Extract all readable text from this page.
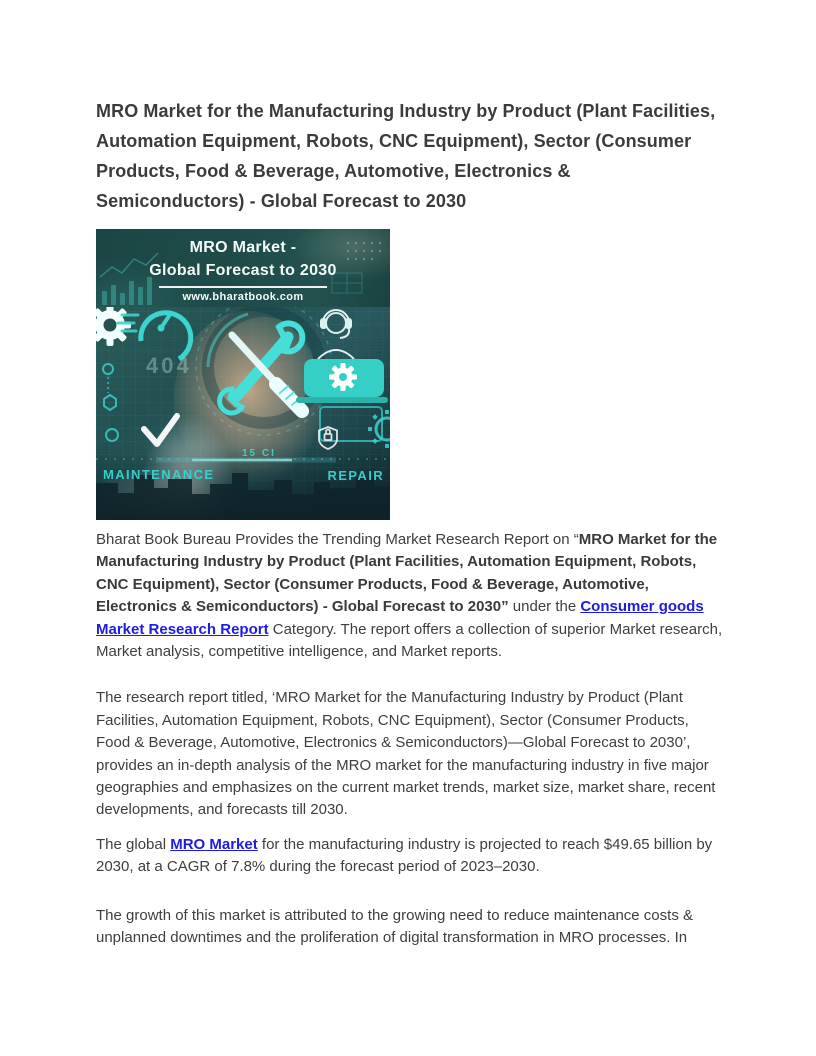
MRO Market for the Manufacturing Industry by Product (Plant Facilities, Automation Equipment, Robots, CNC Equipment), Sector (Consumer Products, Food & Beverage, Automotive, Electronics & Semiconductors) - Global Forecast to 2030
MRO Market -
Global Forecast to 2030
www.bharatbook.com
404
MAINTENANCE	REPAIR

Bharat Book Bureau Provides the Trending Market Research Report on “MRO Market for the Manufacturing Industry by Product (Plant Facilities, Automation Equipment, Robots, CNC Equipment), Sector (Consumer Products, Food & Beverage, Automotive, Electronics & Semiconductors) - Global Forecast to 2030” under the Consumer goods Market Research Report Category. The report offers a collection of superior Market research, Market analysis, competitive intelligence, and Market reports.

The research report titled, ‘MRO Market for the Manufacturing Industry by Product (Plant Facilities, Automation Equipment, Robots, CNC Equipment), Sector (Consumer Products, Food & Beverage, Automotive, Electronics & Semiconductors)—Global Forecast to 2030’, provides an in-depth analysis of the MRO market for the manufacturing industry in five major geographies and emphasizes on the current market trends, market size, market share, recent developments, and forecasts till 2030.

The global MRO Market for the manufacturing industry is projected to reach $49.65 billion by 2030, at a CAGR of 7.8% during the forecast period of 2023–2030.

The growth of this market is attributed to the growing need to reduce maintenance costs & unplanned downtimes and the proliferation of digital transformation in MRO processes. In
